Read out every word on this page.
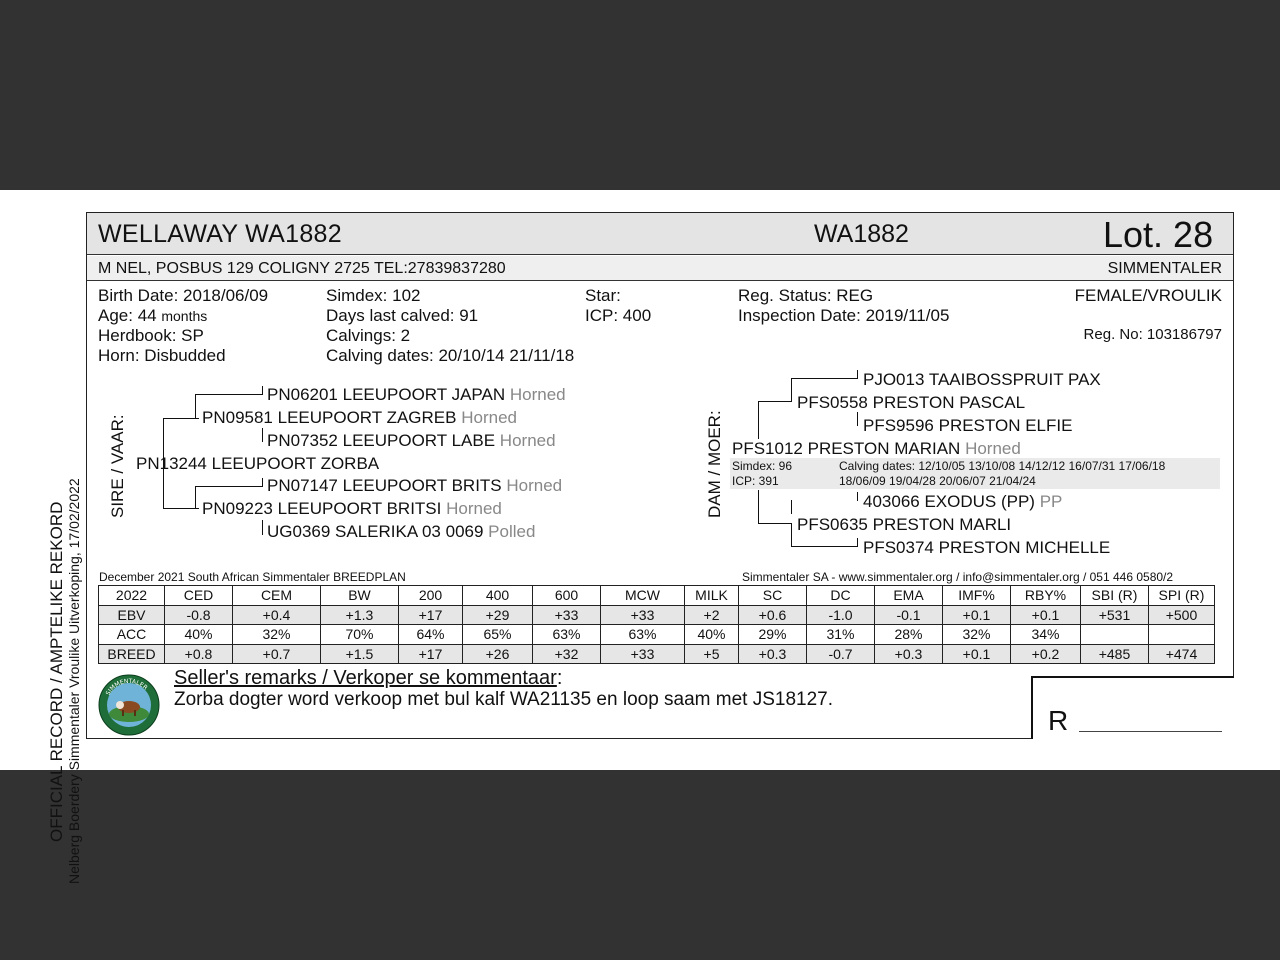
OFFICIAL RECORD / AMPTELIKE REKORD Nelberg Boerdery Simmentaler Vroulike Uitverkoping, 17/02/2022
WELLAWAY WA1882	WA1882	Lot. 28
M NEL, POSBUS 129 COLIGNY 2725 TEL:27839837280	SIMMENTALER
Birth Date: 2018/06/09
Age: 44 months
Herdbook: SP
Horn: Disbudded
Simdex: 102
Days last calved: 91
Calvings: 2
Calving dates: 20/10/14 21/11/18
Star:
ICP: 400
Reg. Status: REG
Inspection Date: 2019/11/05
FEMALE/VROULIK
Reg. No: 103186797
SIRE / VAAR:
PN06201 LEEUPOORT JAPAN Horned
PN09581 LEEUPOORT ZAGREB Horned
PN07352 LEEUPOORT LABE Horned
PN13244 LEEUPOORT ZORBA
PN07147 LEEUPOORT BRITS Horned
PN09223 LEEUPOORT BRITSI Horned
UG0369 SALERIKA 03 0069 Polled
DAM / MOER:
PJO013 TAAIBOSSPRUIT PAX
PFS0558 PRESTON PASCAL
PFS9596 PRESTON ELFIE
PFS1012 PRESTON MARIAN Horned
Simdex: 96
ICP: 391
Calving dates: 12/10/05 13/10/08 14/12/12 16/07/31 17/06/18
18/06/09 19/04/28 20/06/07 21/04/24
403066 EXODUS (PP) PP
PFS0635 PRESTON MARLI
PFS0374 PRESTON MICHELLE
December 2021 South African Simmentaler BREEDPLAN	Simmentaler SA - www.simmentaler.org / info@simmentaler.org / 051 446 0580/2
2022	CED	CEM	BW	200	400	600	MCW	MILK	SC	DC	EMA	IMF%	RBY%	SBI (R)	SPI (R)
EBV	-0.8	+0.4	+1.3	+17	+29	+33	+33	+2	+0.6	-1.0	-0.1	+0.1	+0.1	+531	+500
ACC	40%	32%	70%	64%	65%	63%	63%	40%	29%	31%	28%	32%	34%		
BREED	+0.8	+0.7	+1.5	+17	+26	+32	+33	+5	+0.3	-0.7	+0.3	+0.1	+0.2	+485	+474
SIMMENTALER Seller's remarks / Verkoper se kommentaar:
Zorba dogter word verkoop met bul kalf WA21135 en loop saam met JS18127.
R
